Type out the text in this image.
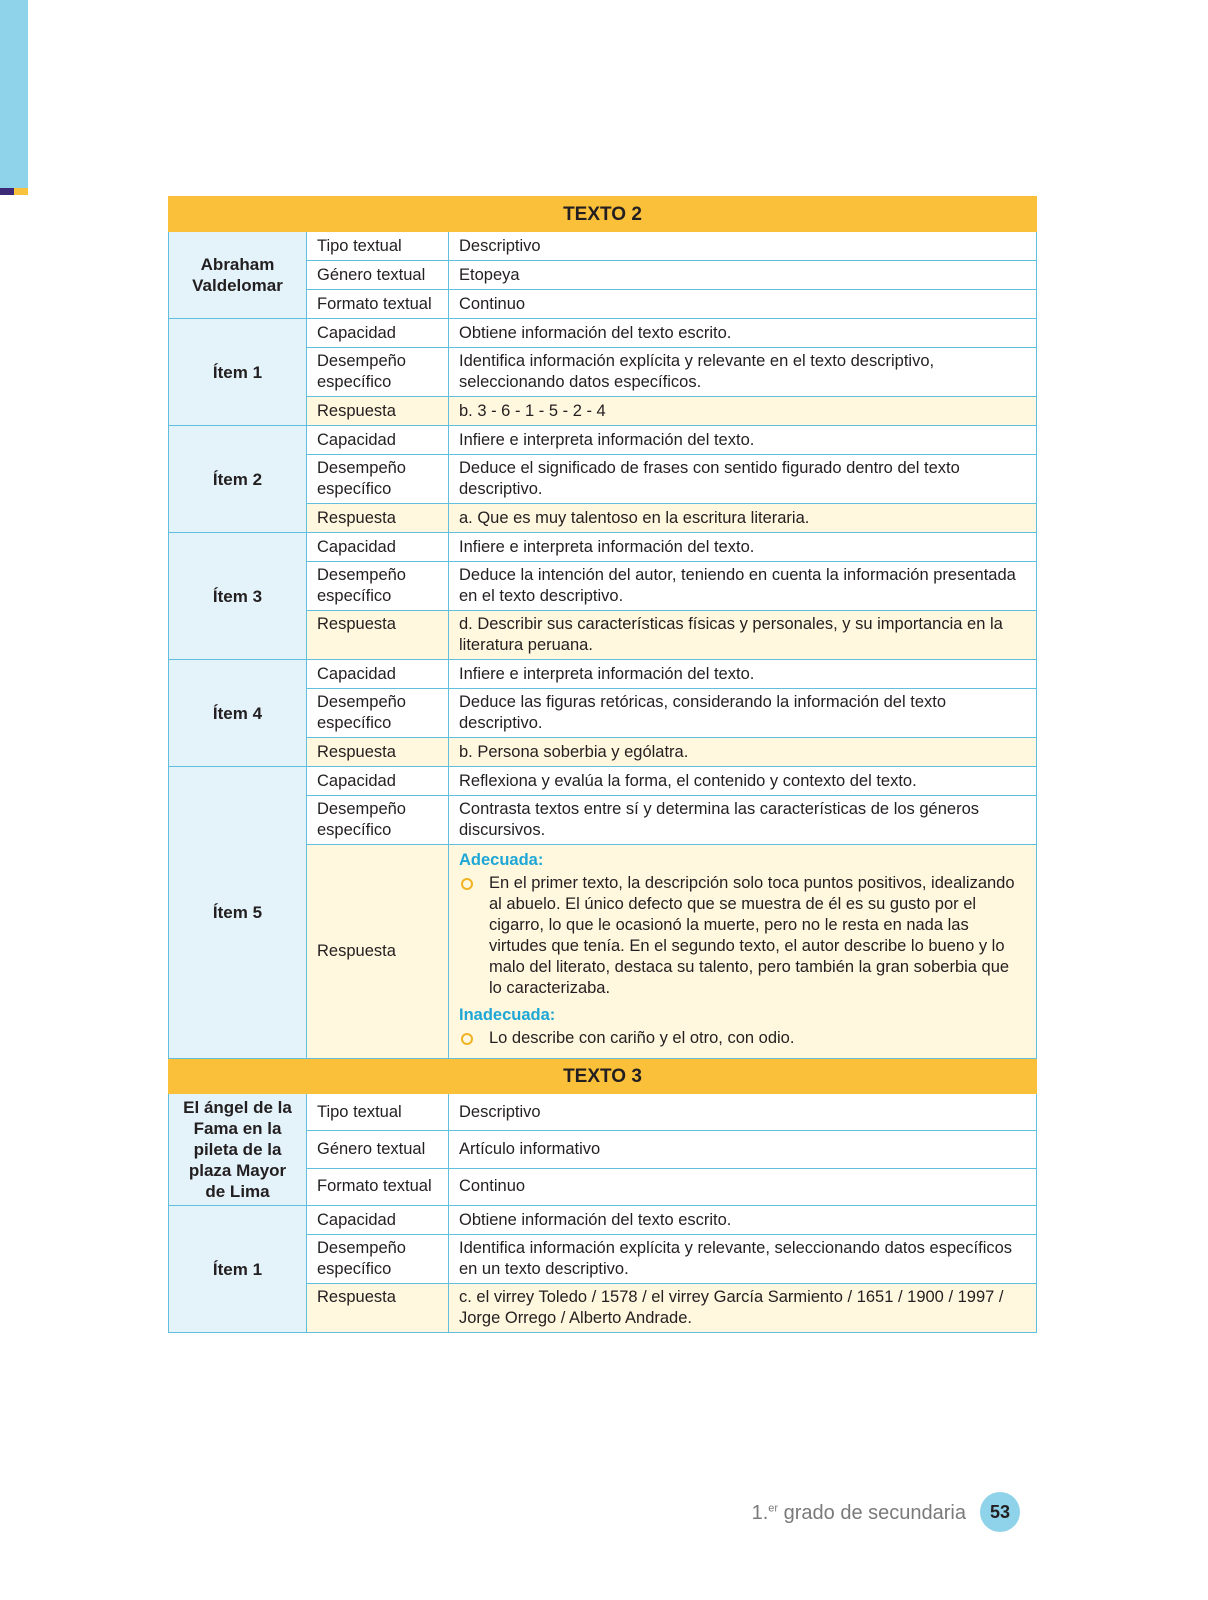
TEXTO 2		
Abraham Valdelomar	Tipo textual	Descriptivo
	Género textual	Etopeya
	Formato textual	Continuo
Ítem 1	Capacidad	Obtiene información del texto escrito.
	Desempeño específico	Identifica información explícita y relevante en el texto descriptivo, seleccionando datos específicos.
	Respuesta	b. 3 - 6 - 1 - 5 - 2 - 4
Ítem 2	Capacidad	Infiere e interpreta información del texto.
	Desempeño específico	Deduce el significado de frases con sentido figurado dentro del texto descriptivo.
	Respuesta	a. Que es muy talentoso en la escritura literaria.
Ítem 3	Capacidad	Infiere e interpreta información del texto.
	Desempeño específico	Deduce la intención del autor, teniendo en cuenta la información presentada en el texto descriptivo.
	Respuesta	d. Describir sus características físicas y personales, y su importancia en la literatura peruana.
Ítem 4	Capacidad	Infiere e interpreta información del texto.
	Desempeño específico	Deduce las figuras retóricas, considerando la información del texto descriptivo.
	Respuesta	b. Persona soberbia y ególatra.
Ítem 5	Capacidad	Reflexiona y evalúa la forma, el contenido y contexto del texto.
	Desempeño específico	Contrasta textos entre sí y determina las características de los géneros discursivos.
	Respuesta	Adecuada:
En el primer texto, la descripción solo toca puntos positivos, idealizando al abuelo. El único defecto que se muestra de él es su gusto por el cigarro, lo que le ocasionó la muerte, pero no le resta en nada las virtudes que tenía. En el segundo texto, el autor describe lo bueno y lo malo del literato, destaca su talento, pero también la gran soberbia que lo caracterizaba.
Inadecuada:
Lo describe con cariño y el otro, con odio.

TEXTO 3		
El ángel de la Fama en la pileta de la plaza Mayor de Lima	Tipo textual	Descriptivo
	Género textual	Artículo informativo
	Formato textual	Continuo
Ítem 1	Capacidad	Obtiene información del texto escrito.
	Desempeño específico	Identifica información explícita y relevante, seleccionando datos específicos en un texto descriptivo.
	Respuesta	c. el virrey Toledo / 1578 / el virrey García Sarmiento / 1651 / 1900 / 1997 / Jorge Orrego / Alberto Andrade.
1.$^{er}$ grado de secundaria	53
